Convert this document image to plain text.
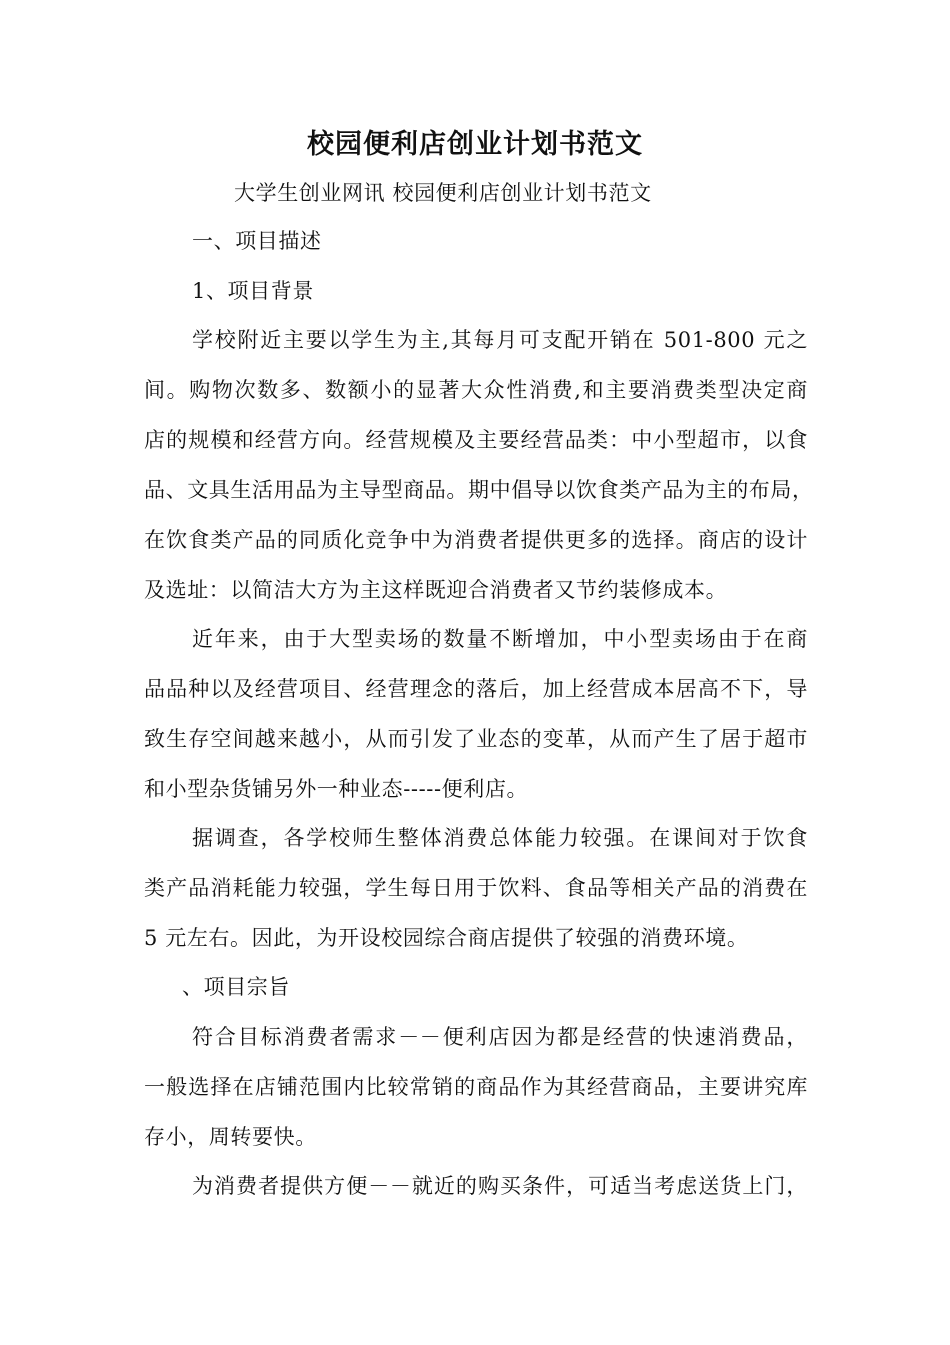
校园便利店创业计划书范文
大学生创业网讯 校园便利店创业计划书范文
一、项目描述
1、项目背景
学校附近主要以学生为主,其每月可支配开销在 501-800 元之
间。购物次数多、数额小的显著大众性消费,和主要消费类型决定商
店的规模和经营方向。经营规模及主要经营品类：中小型超市，以食
品、文具生活用品为主导型商品。期中倡导以饮食类产品为主的布局，
在饮食类产品的同质化竞争中为消费者提供更多的选择。商店的设计
及选址：以简洁大方为主这样既迎合消费者又节约装修成本。
近年来，由于大型卖场的数量不断增加，中小型卖场由于在商
品品种以及经营项目、经营理念的落后，加上经营成本居高不下，导
致生存空间越来越小，从而引发了业态的变革，从而产生了居于超市
和小型杂货铺另外一种业态-----便利店。
据调查，各学校师生整体消费总体能力较强。在课间对于饮食
类产品消耗能力较强，学生每日用于饮料、食品等相关产品的消费在
5 元左右。因此，为开设校园综合商店提供了较强的消费环境。
、项目宗旨
符合目标消费者需求－－便利店因为都是经营的快速消费品，
一般选择在店铺范围内比较常销的商品作为其经营商品，主要讲究库
存小，周转要快。
为消费者提供方便－－就近的购买条件，可适当考虑送货上门，
